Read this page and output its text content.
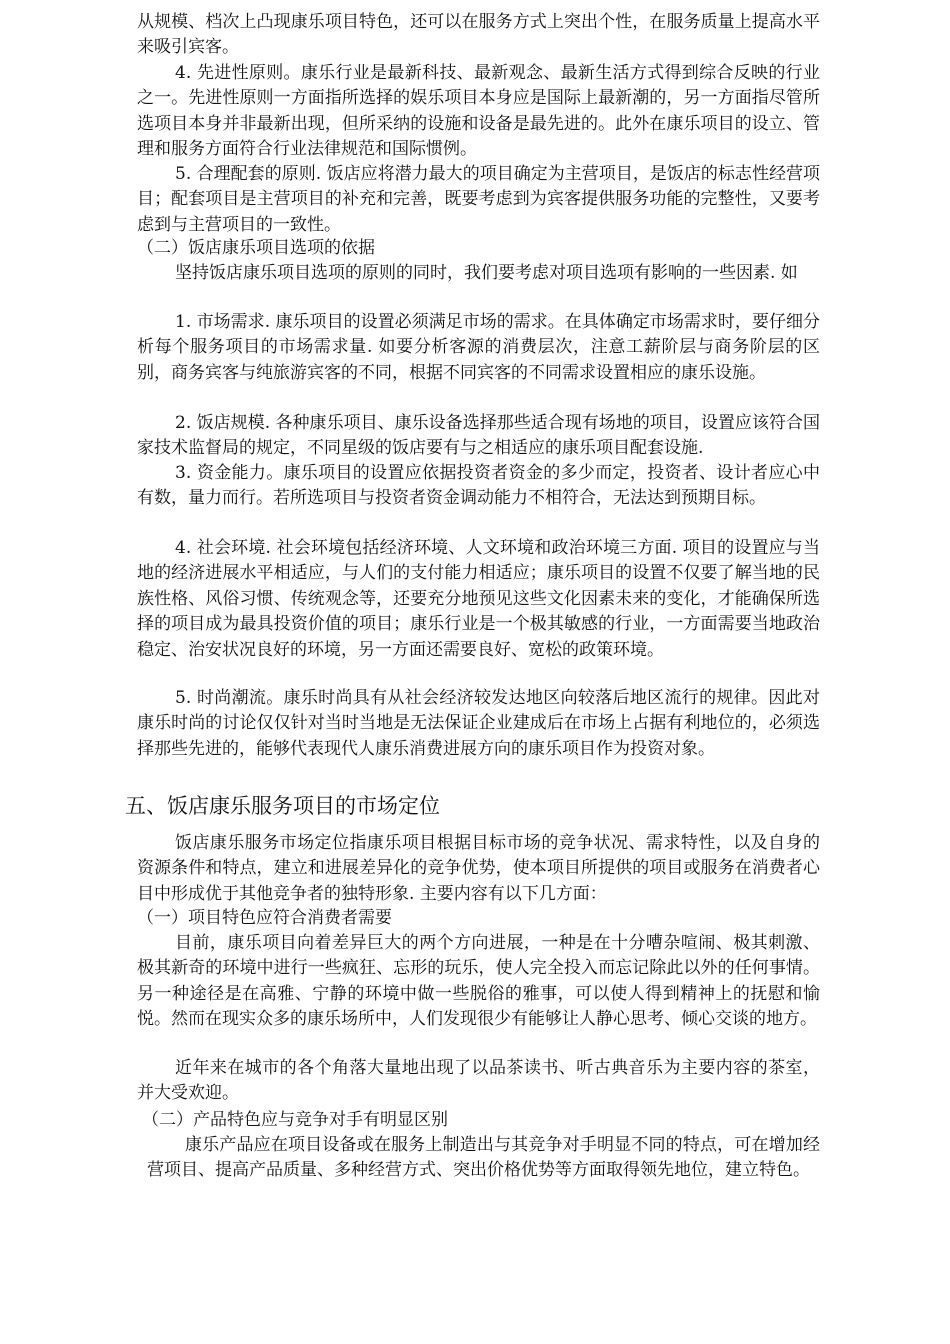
从规模、档次上凸现康乐项目特色，还可以在服务方式上突出个性，在服务质量上提高水平来吸引宾客。

4. 先进性原则。康乐行业是最新科技、最新观念、最新生活方式得到综合反映的行业之一。先进性原则一方面指所选择的娱乐项目本身应是国际上最新潮的，另一方面指尽管所选项目本身并非最新出现，但所采纳的设施和设备是最先进的。此外在康乐项目的设立、管理和服务方面符合行业法律规范和国际惯例。

5. 合理配套的原则. 饭店应将潜力最大的项目确定为主营项目，是饭店的标志性经营项目；配套项目是主营项目的补充和完善，既要考虑到为宾客提供服务功能的完整性，又要考虑到与主营项目的一致性。

（二）饭店康乐项目选项的依据

坚持饭店康乐项目选项的原则的同时，我们要考虑对项目选项有影响的一些因素. 如

1. 市场需求. 康乐项目的设置必须满足市场的需求。在具体确定市场需求时，要仔细分析每个服务项目的市场需求量. 如要分析客源的消费层次，注意工薪阶层与商务阶层的区别，商务宾客与纯旅游宾客的不同，根据不同宾客的不同需求设置相应的康乐设施。

2. 饭店规模. 各种康乐项目、康乐设备选择那些适合现有场地的项目，设置应该符合国家技术监督局的规定，不同星级的饭店要有与之相适应的康乐项目配套设施.

3. 资金能力。康乐项目的设置应依据投资者资金的多少而定，投资者、设计者应心中有数，量力而行。若所选项目与投资者资金调动能力不相符合，无法达到预期目标。

4. 社会环境. 社会环境包括经济环境、人文环境和政治环境三方面. 项目的设置应与当地的经济进展水平相适应，与人们的支付能力相适应；康乐项目的设置不仅要了解当地的民族性格、风俗习惯、传统观念等，还要充分地预见这些文化因素未来的变化，才能确保所选择的项目成为最具投资价值的项目；康乐行业是一个极其敏感的行业，一方面需要当地政治稳定、治安状况良好的环境，另一方面还需要良好、宽松的政策环境。

5. 时尚潮流。康乐时尚具有从社会经济较发达地区向较落后地区流行的规律。因此对康乐时尚的讨论仅仅针对当时当地是无法保证企业建成后在市场上占据有利地位的，必须选择那些先进的，能够代表现代人康乐消费进展方向的康乐项目作为投资对象。

五、饭店康乐服务项目的市场定位

饭店康乐服务市场定位指康乐项目根据目标市场的竞争状况、需求特性，以及自身的资源条件和特点，建立和进展差异化的竞争优势，使本项目所提供的项目或服务在消费者心目中形成优于其他竞争者的独特形象. 主要内容有以下几方面：

（一）项目特色应符合消费者需要

目前，康乐项目向着差异巨大的两个方向进展，一种是在十分嘈杂喧闹、极其刺激、极其新奇的环境中进行一些疯狂、忘形的玩乐，使人完全投入而忘记除此以外的任何事情。另一种途径是在高雅、宁静的环境中做一些脱俗的雅事，可以使人得到精神上的抚慰和愉悦。然而在现实众多的康乐场所中，人们发现很少有能够让人静心思考、倾心交谈的地方。

近年来在城市的各个角落大量地出现了以品茶读书、听古典音乐为主要内容的茶室，并大受欢迎。

（二）产品特色应与竞争对手有明显区别

康乐产品应在项目设备或在服务上制造出与其竞争对手明显不同的特点，可在增加经营项目、提高产品质量、多种经营方式、突出价格优势等方面取得领先地位，建立特色。
